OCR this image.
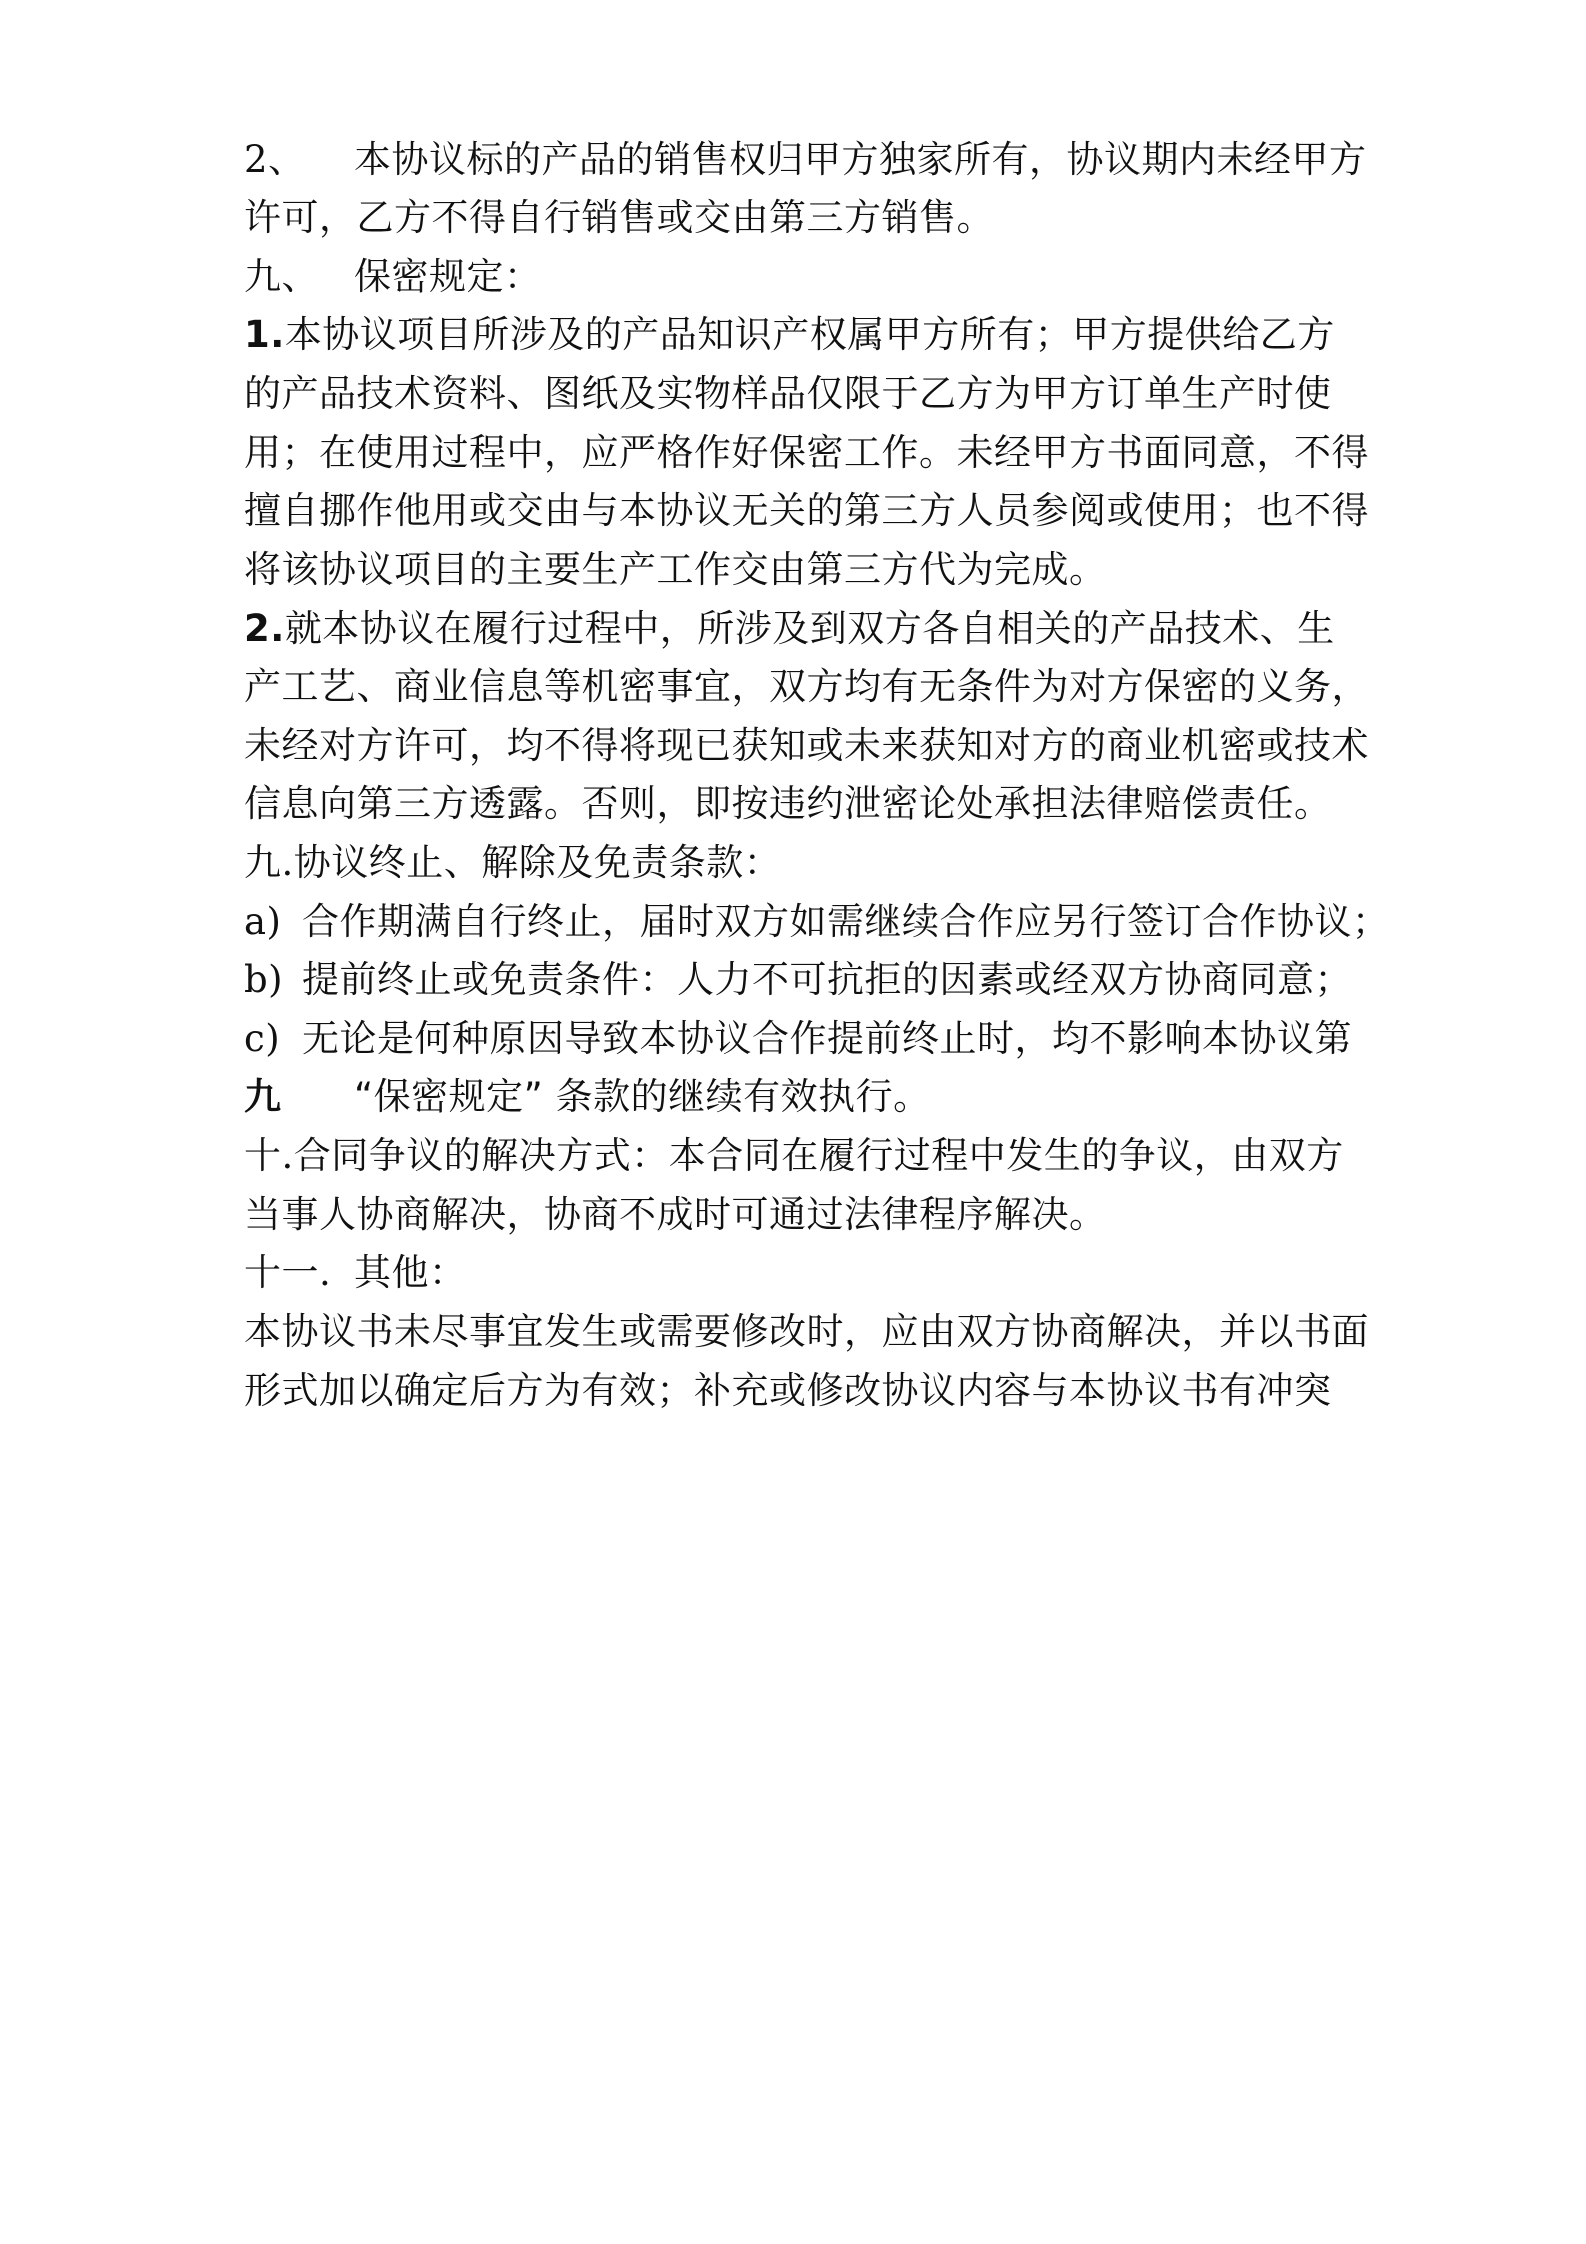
2、 本协议标的产品的销售权归甲方独家所有，协议期内未经甲方
许可，乙方不得自行销售或交由第三方销售。
九、 保密规定：
1.本协议项目所涉及的产品知识产权属甲方所有；甲方提供给乙方
的产品技术资料、图纸及实物样品仅限于乙方为甲方订单生产时使
用；在使用过程中，应严格作好保密工作。未经甲方书面同意，不得
擅自挪作他用或交由与本协议无关的第三方人员参阅或使用；也不得
将该协议项目的主要生产工作交由第三方代为完成。
2.就本协议在履行过程中，所涉及到双方各自相关的产品技术、生
产工艺、商业信息等机密事宜，双方均有无条件为对方保密的义务，
未经对方许可，均不得将现已获知或未来获知对方的商业机密或技术
信息向第三方透露。否则，即按违约泄密论处承担法律赔偿责任。
九.协议终止、解除及免责条款：
a)合作期满自行终止，届时双方如需继续合作应另行签订合作协议；
b)提前终止或免责条件：人力不可抗拒的因素或经双方协商同意；
c)无论是何种原因导致本协议合作提前终止时，均不影响本协议第
九 “保密规定” 条款的继续有效执行。
十.合同争议的解决方式：本合同在履行过程中发生的争议，由双方
当事人协商解决，协商不成时可通过法律程序解决。
十一. 其他：
本协议书未尽事宜发生或需要修改时，应由双方协商解决，并以书面
形式加以确定后方为有效；补充或修改协议内容与本协议书有冲突
